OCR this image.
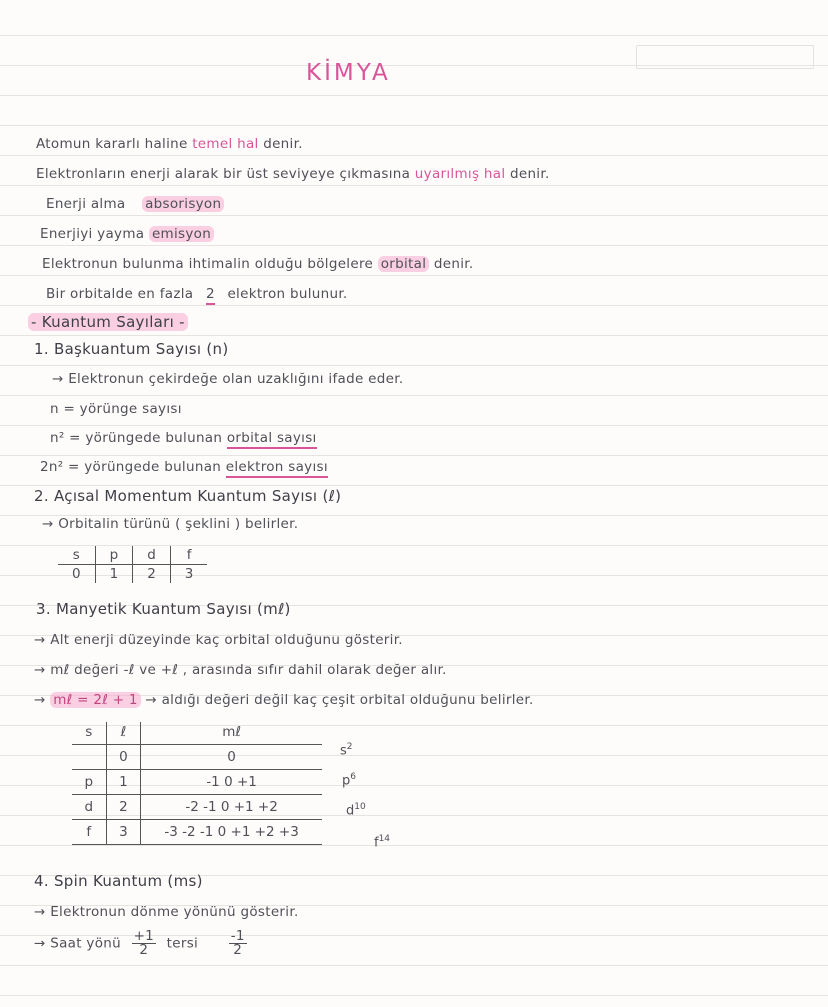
KİMYA
Atomun kararlı haline temel hal denir.
Elektronların enerji alarak bir üst seviyeye çıkmasına uyarılmış hal denir.
Enerji alma absorisyon
Enerjiyi yayma emisyon
Elektronun bulunma ihtimalin olduğu bölgelere orbital denir.
Bir orbitalde en fazla 2 elektron bulunur.
- Kuantum Sayıları -
1. Başkuantum Sayısı (n)
→ Elektronun çekirdeğe olan uzaklığını ifade eder.
n = yörünge sayısı
n² = yörüngede bulunan orbital sayısı
2n² = yörüngede bulunan elektron sayısı
2. Açısal Momentum Kuantum Sayısı (ℓ)
→ Orbitalin türünü ( şeklini ) belirler.
s	p	d	f
0	1	2	3
3. Manyetik Kuantum Sayısı (mℓ)
→ Alt enerji düzeyinde kaç orbital olduğunu gösterir.
→ mℓ değeri -ℓ ve +ℓ , arasında sıfır dahil olarak değer alır.
→ mℓ = 2ℓ + 1 → aldığı değeri değil kaç çeşit orbital olduğunu belirler.
s	ℓ	mℓ
	0	0
p	1	-1 0 +1
d	2	-2 -1 0 +1 +2
f	3	-3 -2 -1 0 +1 +2 +3
$s^2$
$p^6$
$d^{10}$
$f^{14}$
4. Spin Kuantum (ms)
→ Elektronun dönme yönünü gösterir.
→ Saat yönü $\frac{+1}{2}$ tersi $\frac{-1}{2}$
